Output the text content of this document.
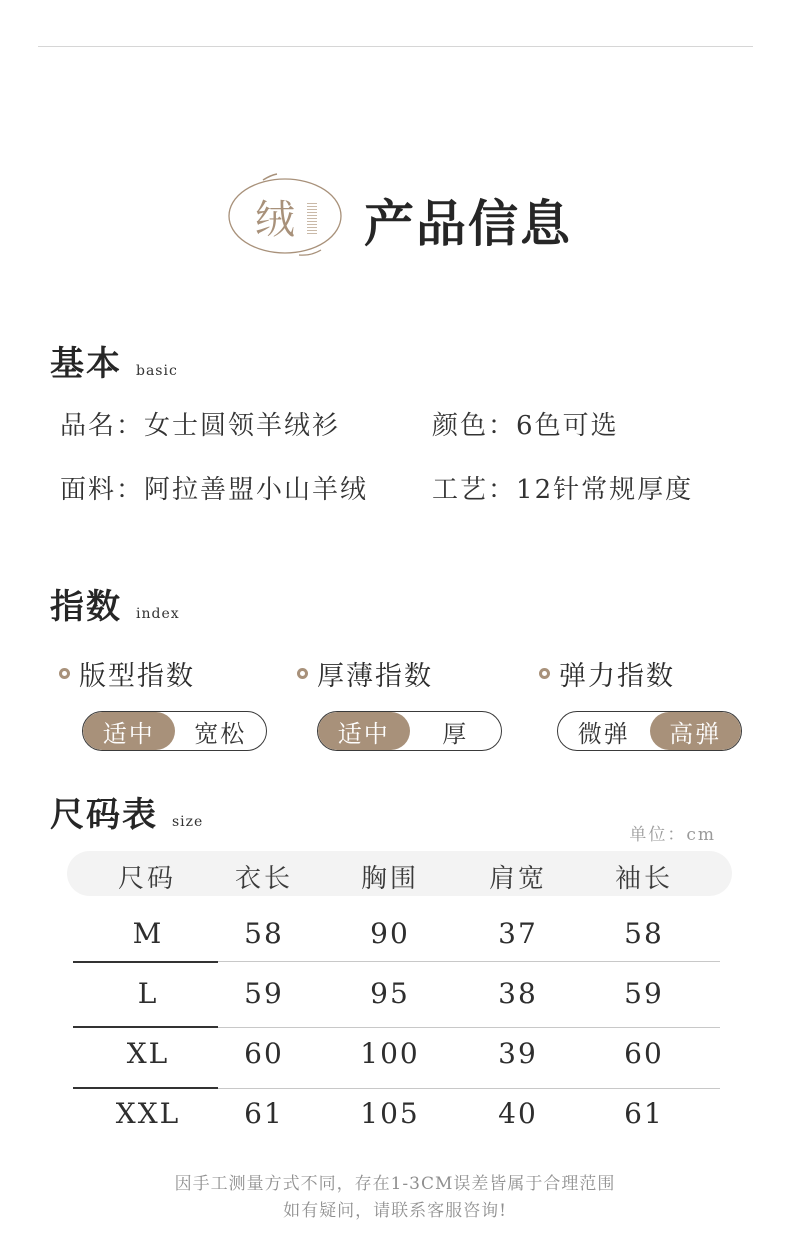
绒 产品信息
基本 basic
品名：女士圆领羊绒衫	颜色：6色可选
面料：阿拉善盟小山羊绒 工艺：12针常规厚度
指数 index
版型指数	厚薄指数	弹力指数
适中	宽松	适中	厚	微弹	高弹
尺码表 size
单位：cm
尺码	衣长	胸围	肩宽	袖长
M	58	90	37	58
L	59	95	38	59
XL	60	100	39	60
XXL	61	105	40	61
因手工测量方式不同，存在1-3CM误差皆属于合理范围
如有疑问，请联系客服咨询!
